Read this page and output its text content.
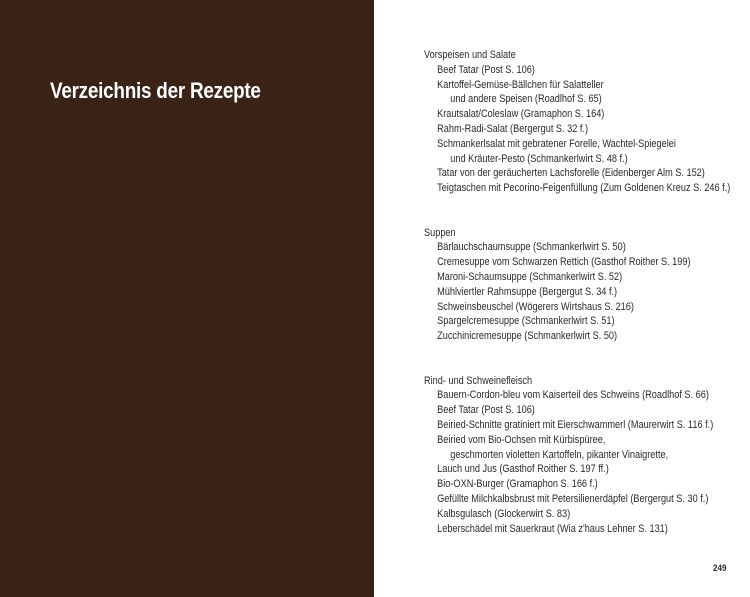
Verzeichnis der Rezepte
Vorspeisen und Salate
Beef Tatar (Post S. 106)
Kartoffel-Gemüse-Bällchen für Salatteller
und andere Speisen (Roadlhof S. 65)
Krautsalat/Coleslaw (Gramaphon S. 164)
Rahm-Radi-Salat (Bergergut S. 32 f.)
Schmankerlsalat mit gebratener Forelle, Wachtel-Spiegelei
und Kräuter-Pesto (Schmankerlwirt S. 48 f.)
Tatar von der geräucherten Lachsforelle (Eidenberger Alm S. 152)
Teigtaschen mit Pecorino-Feigenfüllung (Zum Goldenen Kreuz S. 246 f.)
Suppen
Bärlauchschaumsuppe (Schmankerlwirt S. 50)
Cremesuppe vom Schwarzen Rettich (Gasthof Roither S. 199)
Maroni-Schaumsuppe (Schmankerlwirt S. 52)
Mühlviertler Rahmsuppe (Bergergut S. 34 f.)
Schweinsbeuschel (Wögerers Wirtshaus S. 216)
Spargelcremesuppe (Schmankerlwirt S. 51)
Zucchinicremesuppe (Schmankerlwirt S. 50)
Rind- und Schweinefleisch
Bauern-Cordon-bleu vom Kaiserteil des Schweins (Roadlhof S. 66)
Beef Tatar (Post S. 106)
Beiried-Schnitte gratiniert mit Eierschwammerl (Maurerwirt S. 116 f.)
Beiried vom Bio-Ochsen mit Kürbispüree,
geschmorten violetten Kartoffeln, pikanter Vinaigrette,
Lauch und Jus (Gasthof Roither S. 197 ff.)
Bio-OXN-Burger (Gramaphon S. 166 f.)
Gefüllte Milchkalbsbrust mit Petersilienerdäpfel (Bergergut S. 30 f.)
Kalbsgulasch (Glockerwirt S. 83)
Leberschädel mit Sauerkraut (Wia z'haus Lehner S. 131)
249
